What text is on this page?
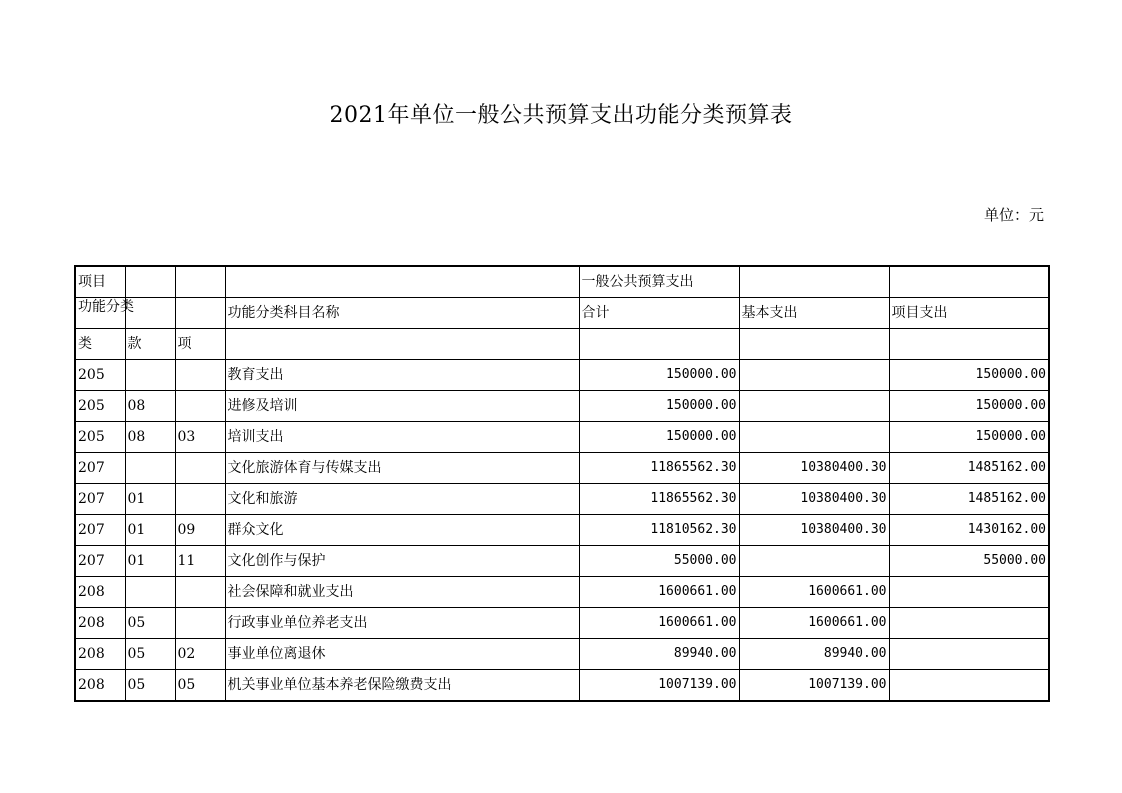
2021年单位一般公共预算支出功能分类预算表
单位：元
项目				一般公共预算支出		

功能分类			功能分类科目名称	合计	基本支出	项目支出
类	款	项				
205			教育支出	150000.00		150000.00
205	08		进修及培训	150000.00		150000.00
205	08	03	培训支出	150000.00		150000.00
207			文化旅游体育与传媒支出	11865562.30	10380400.30	1485162.00
207	01		文化和旅游	11865562.30	10380400.30	1485162.00
207	01	09	群众文化	11810562.30	10380400.30	1430162.00
207	01	11	文化创作与保护	55000.00		55000.00
208			社会保障和就业支出	1600661.00	1600661.00	
208	05		行政事业单位养老支出	1600661.00	1600661.00	
208	05	02	事业单位离退休	89940.00	89940.00	
208	05	05	机关事业单位基本养老保险缴费支出	1007139.00	1007139.00	
